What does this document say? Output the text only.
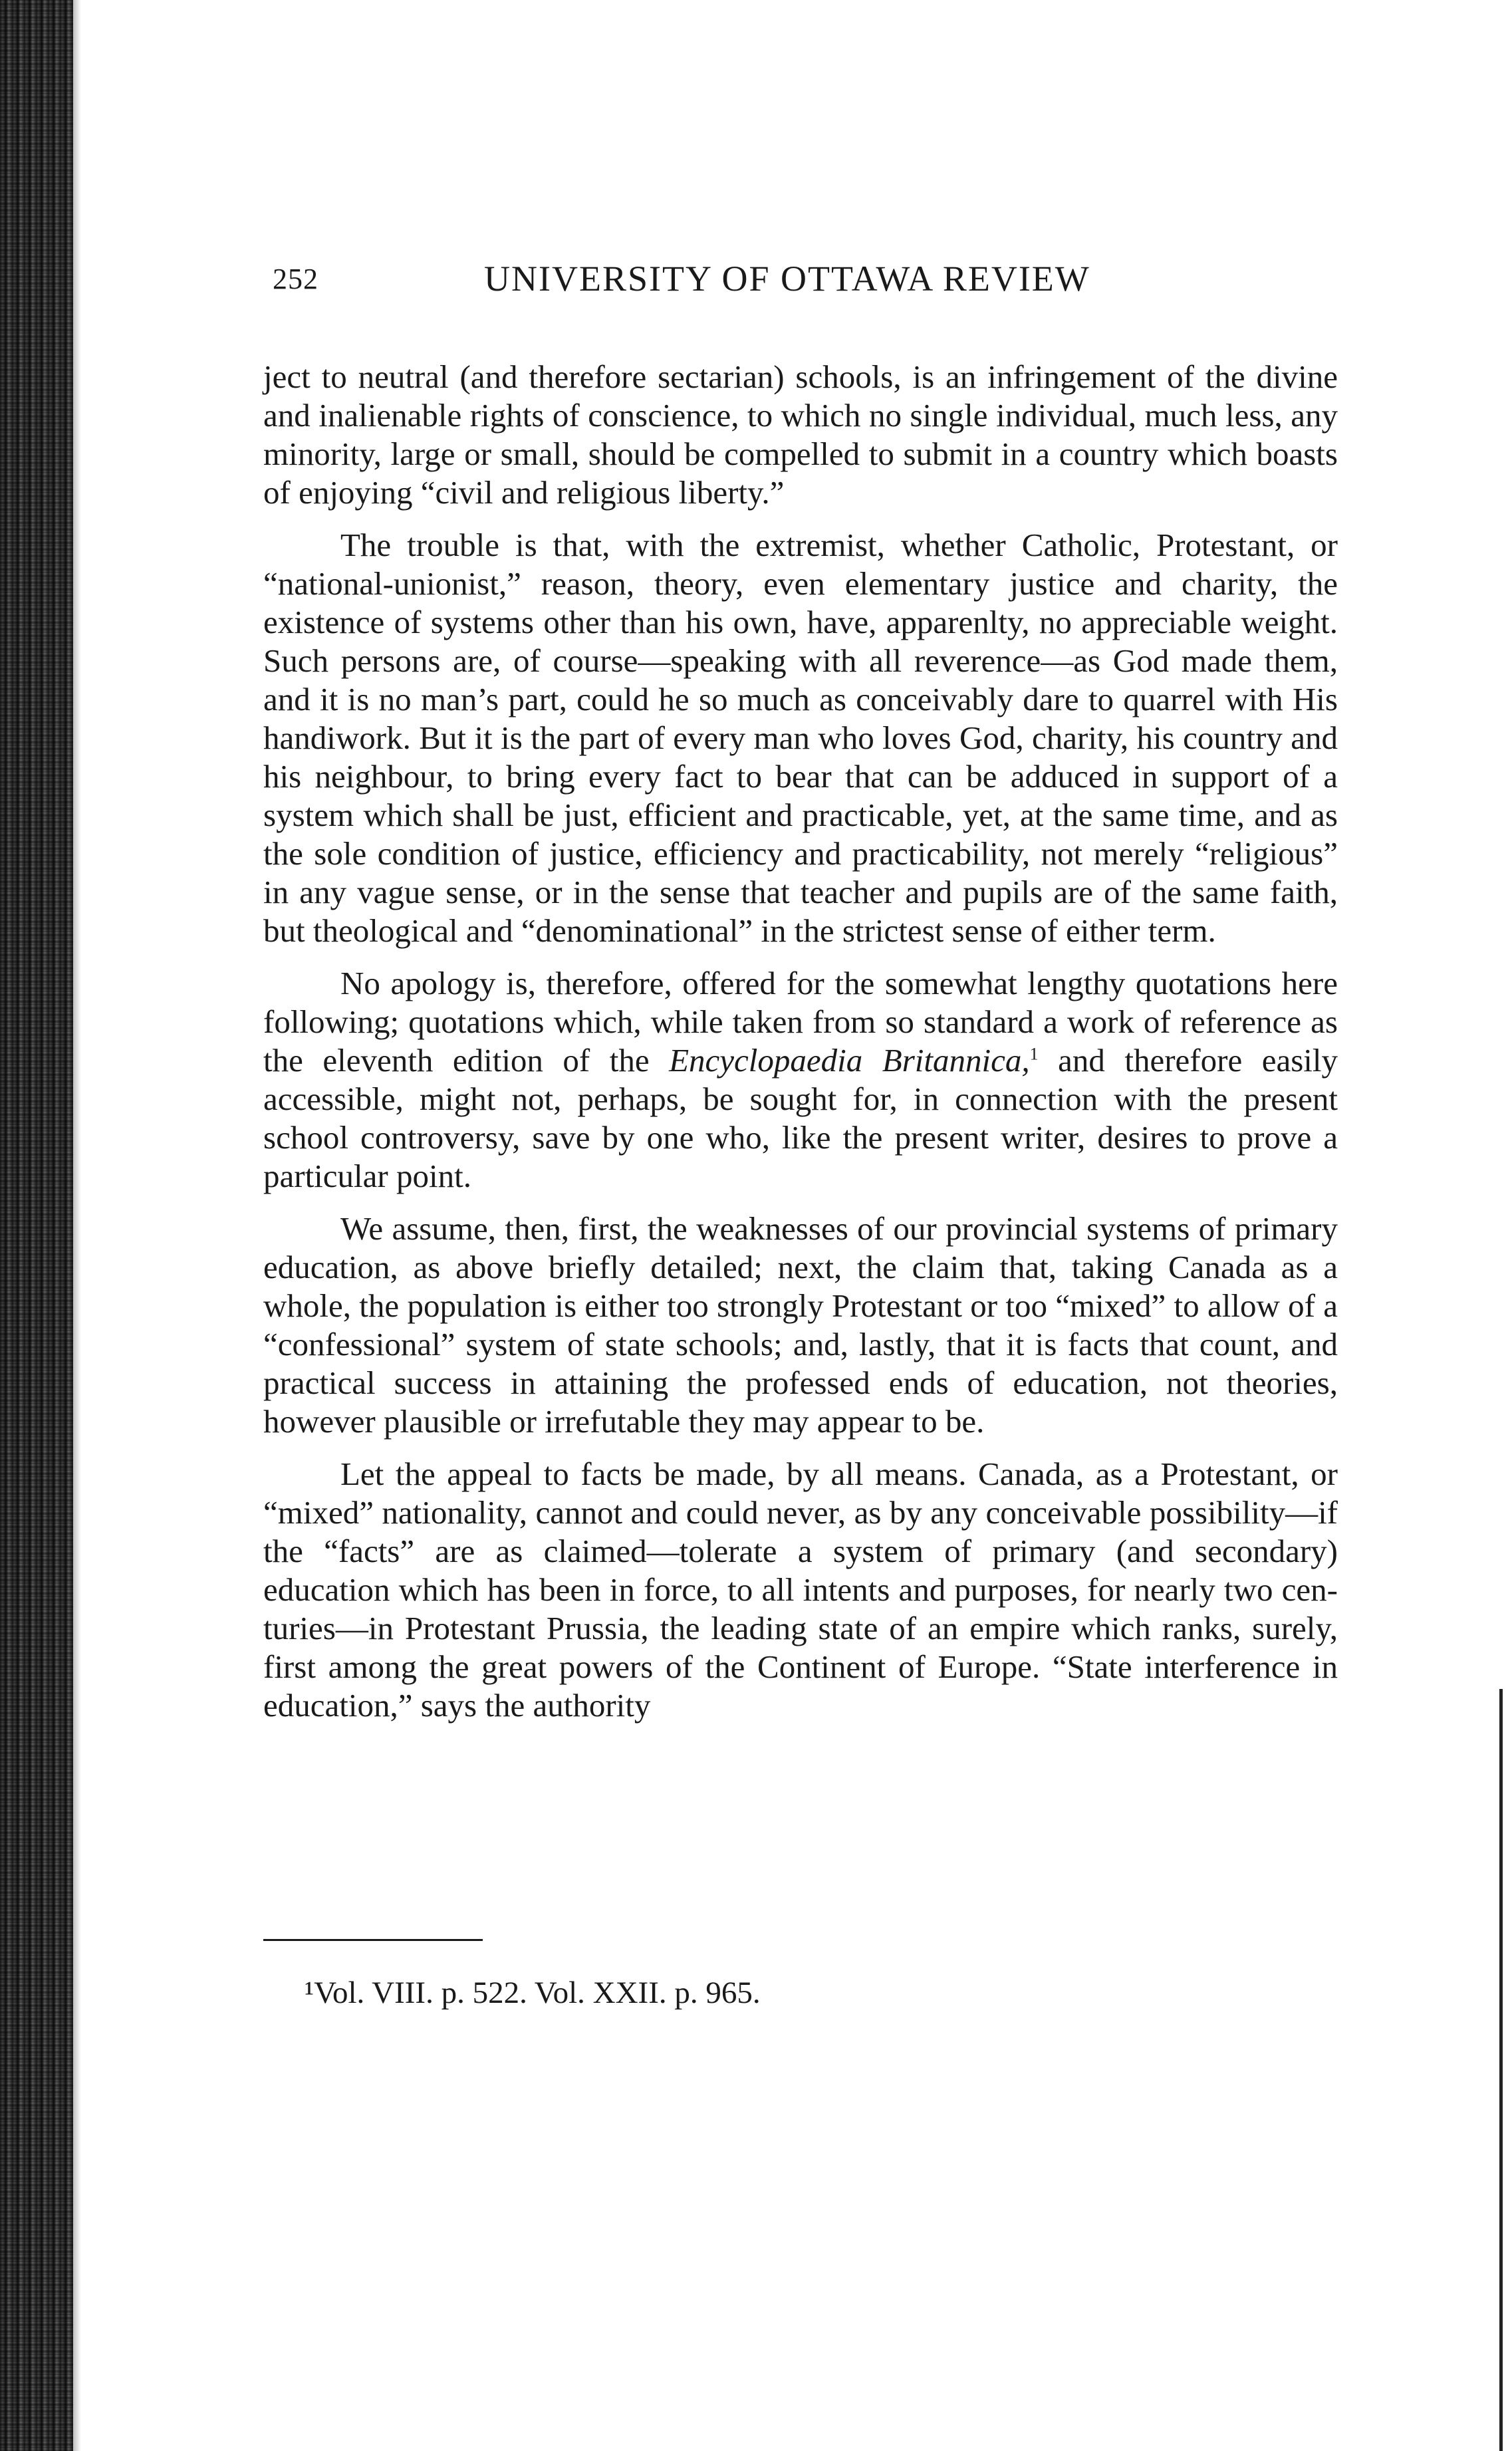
252	UNIVERSITY OF OTTAWA REVIEW

ject to neutral (and therefore sectarian) schools, is an infringement of the divine and inalienable rights of conscience, to which no single individual, much less, any minority, large or small, should be compelled to submit in a country which boasts of enjoying “civil and religious liberty.”

The trouble is that, with the extremist, whether Catholic, Protestant, or “national-unionist,” reason, theory, even elementary justice and charity, the existence of systems other than his own, have, apparenlty, no appreciable weight. Such persons are, of course—speaking with all reverence—as God made them, and it is no man’s part, could he so much as conceivably dare to quarrel with His handiwork. But it is the part of every man who loves God, charity, his country and his neighbour, to bring every fact to bear that can be adduced in support of a system which shall be just, efficient and practicable, yet, at the same time, and as the sole condition of justice, efficiency and practicability, not merely “religious” in any vague sense, or in the sense that teacher and pupils are of the same faith, but theological and “denominational” in the strictest sense of either term.

No apology is, therefore, offered for the somewhat lengthy quotations here following; quotations which, while taken from so standard a work of reference as the eleventh edition of the Encyclopaedia Britannica,$^1$ and therefore easily accessible, might not, perhaps, be sought for, in connection with the present school controversy, save by one who, like the present writer, desires to prove a particular point.

We assume, then, first, the weaknesses of our provincial systems of primary education, as above briefly detailed; next, the claim that, taking Canada as a whole, the population is either too strongly Protestant or too “mixed” to allow of a “confessional” system of state schools; and, lastly, that it is facts that count, and practical success in attaining the professed ends of education, not theories, however plausible or irrefutable they may appear to be.

Let the appeal to facts be made, by all means. Canada, as a Protestant, or “mixed” nationality, cannot and could never, as by any conceivable possibility—if the “facts” are as claimed—tolerate a system of primary (and secondary) education which has been in force, to all intents and purposes, for nearly two centuries—in Protestant Prussia, the leading state of an empire which ranks, surely, first among the great powers of the Continent of Europe. “State interference in education,” says the authority

¹Vol. VIII. p. 522. Vol. XXII. p. 965.
